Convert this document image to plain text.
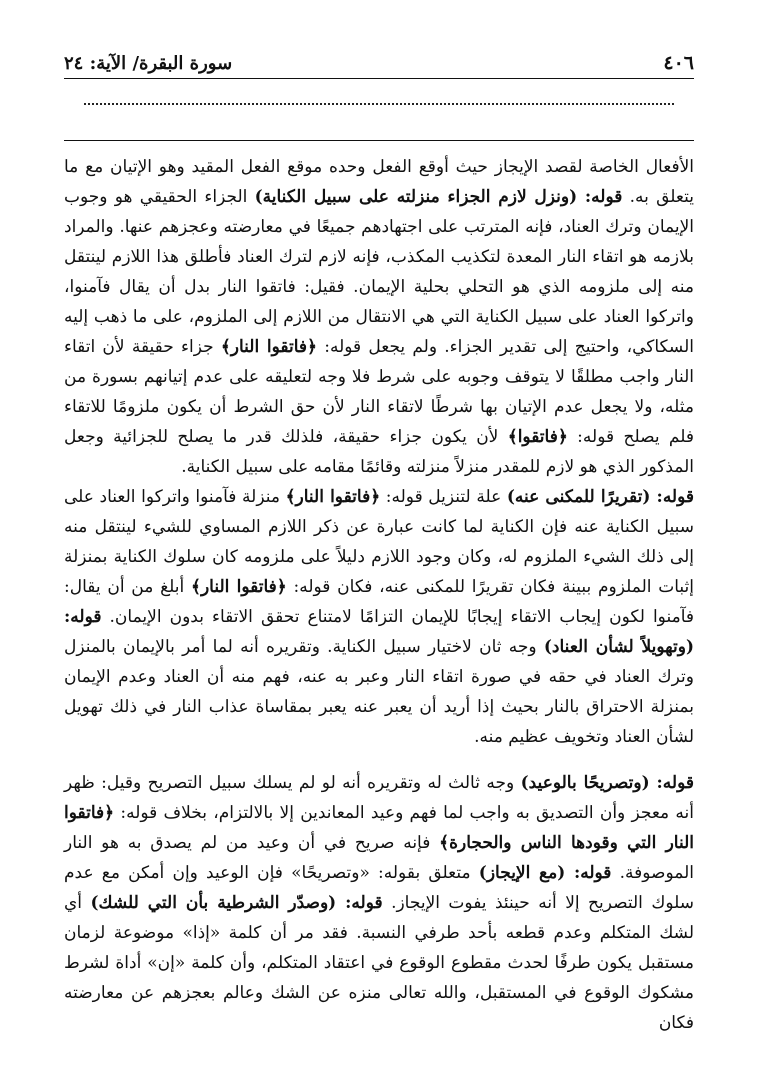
٤٠٦
سورة البقرة/ الآية: ٢٤

الأفعال الخاصة لقصد الإيجاز حيث أوقع الفعل وحده موقع الفعل المقيد وهو الإتيان مع ما يتعلق به. قوله: (ونزل لازم الجزاء منزلته على سبيل الكناية) الجزاء الحقيقي هو وجوب الإيمان وترك العناد، فإنه المترتب على اجتهادهم جميعًا في معارضته وعجزهم عنها. والمراد بلازمه هو اتقاء النار المعدة لتكذيب المكذب، فإنه لازم لترك العناد فأطلق هذا اللازم لينتقل منه إلى ملزومه الذي هو التحلي بحلية الإيمان. فقيل: فاتقوا النار بدل أن يقال فآمنوا، واتركوا العناد على سبيل الكناية التي هي الانتقال من اللازم إلى الملزوم، على ما ذهب إليه السكاكي، واحتيج إلى تقدير الجزاء. ولم يجعل قوله: ﴿فاتقوا النار﴾ جزاء حقيقة لأن اتقاء النار واجب مطلقًا لا يتوقف وجوبه على شرط فلا وجه لتعليقه على عدم إتيانهم بسورة من مثله، ولا يجعل عدم الإتيان بها شرطًا لاتقاء النار لأن حق الشرط أن يكون ملزومًا للاتقاء فلم يصلح قوله: ﴿فاتقوا﴾ لأن يكون جزاء حقيقة، فلذلك قدر ما يصلح للجزائية وجعل المذكور الذي هو لازم للمقدر منزلاً منزلته وقائمًا مقامه على سبيل الكناية.

قوله: (تقريرًا للمكنى عنه) علة لتنزيل قوله: ﴿فاتقوا النار﴾ منزلة فآمنوا واتركوا العناد على سبيل الكناية عنه فإن الكناية لما كانت عبارة عن ذكر اللازم المساوي للشيء لينتقل منه إلى ذلك الشيء الملزوم له، وكان وجود اللازم دليلاً على ملزومه كان سلوك الكناية بمنزلة إثبات الملزوم ببينة فكان تقريرًا للمكنى عنه، فكان قوله: ﴿فاتقوا النار﴾ أبلغ من أن يقال: فآمنوا لكون إيجاب الاتقاء إيجابًا للإيمان التزامًا لامتناع تحقق الاتقاء بدون الإيمان. قوله: (وتهويلاً لشأن العناد) وجه ثان لاختيار سبيل الكناية. وتقريره أنه لما أمر بالإيمان بالمنزل وترك العناد في حقه في صورة اتقاء النار وعبر به عنه، فهم منه أن العناد وعدم الإيمان بمنزلة الاحتراق بالنار بحيث إذا أريد أن يعبر عنه يعبر بمقاساة عذاب النار في ذلك تهويل لشأن العناد وتخويف عظيم منه.

قوله: (وتصريحًا بالوعيد) وجه ثالث له وتقريره أنه لو لم يسلك سبيل التصريح وقيل: ظهر أنه معجز وأن التصديق به واجب لما فهم وعيد المعاندين إلا بالالتزام، بخلاف قوله: ﴿فاتقوا النار التي وقودها الناس والحجارة﴾ فإنه صريح في أن وعيد من لم يصدق به هو النار الموصوفة. قوله: (مع الإيجاز) متعلق بقوله: «وتصريحًا» فإن الوعيد وإن أمكن مع عدم سلوك التصريح إلا أنه حينئذ يفوت الإيجاز. قوله: (وصدّر الشرطية بأن التي للشك) أي لشك المتكلم وعدم قطعه بأحد طرفي النسبة. فقد مر أن كلمة «إذا» موضوعة لزمان مستقبل يكون طرفًا لحدث مقطوع الوقوع في اعتقاد المتكلم، وأن كلمة «إن» أداة لشرط مشكوك الوقوع في المستقبل، والله تعالى منزه عن الشك وعالم بعجزهم عن معارضته فكان
